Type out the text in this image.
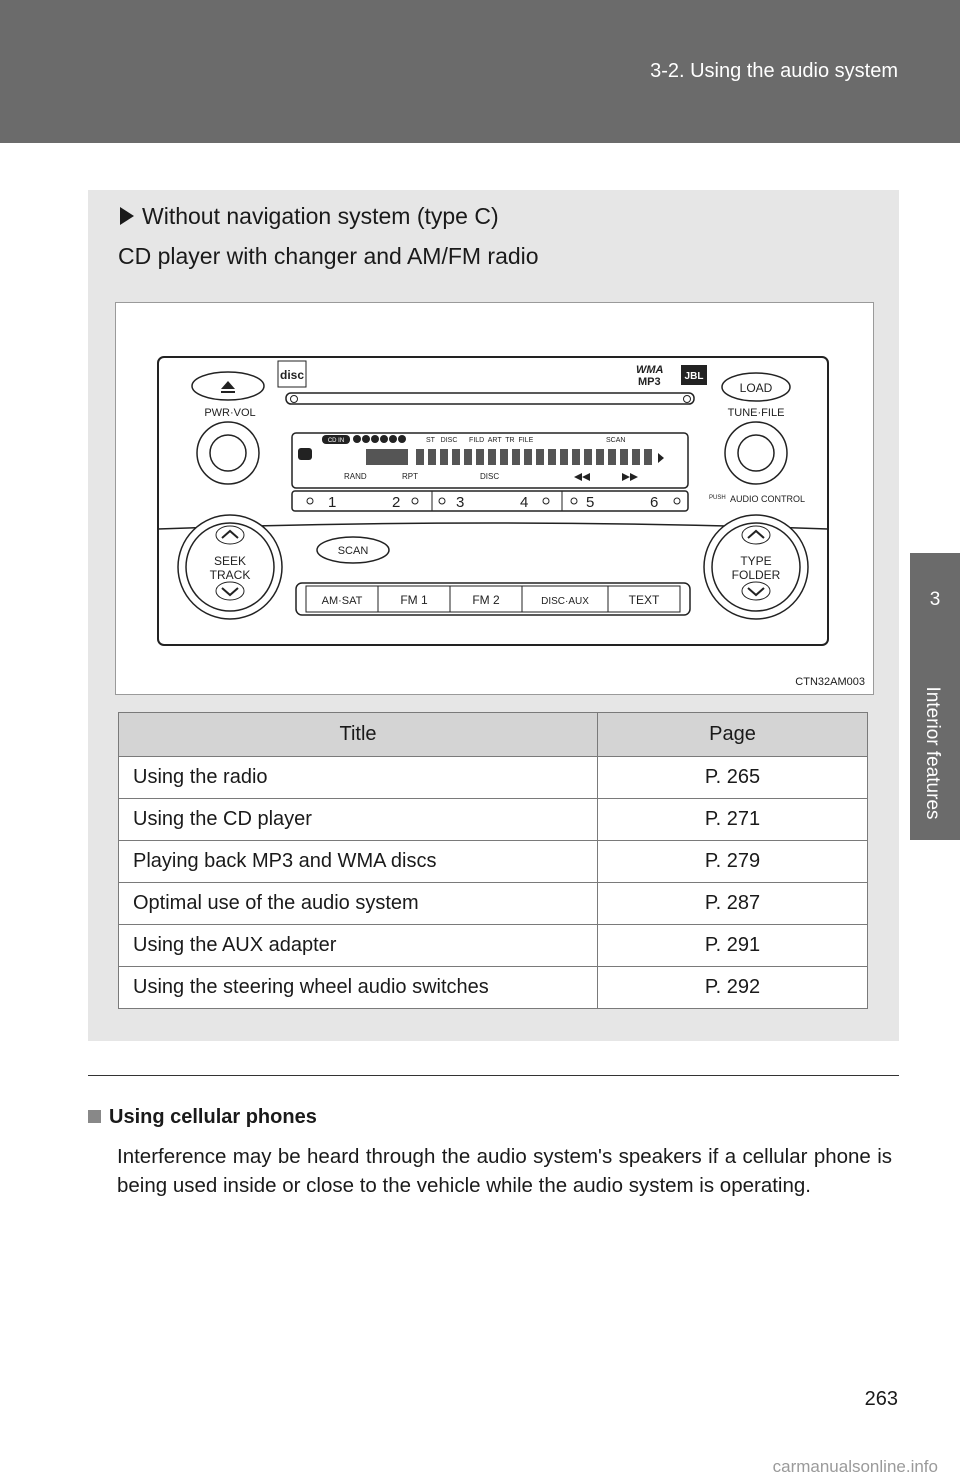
3-2. Using the audio system
3
Interior features
Without navigation system (type C)
CD player with changer and AM/FM radio
disc	WMA
MP3 JBL
PWR·VOL
LOAD
TUNE·FILE
PUSH AUDIO CONTROL
CD IN	ST   DISC      FILD  ART  TR  FILE	SCAN
RAND	RPT	DISC
1	2	3	4	5	6
SEEK
TRACK
SCAN
TYPE
FOLDER
AM·SAT	FM 1	FM 2	DISC·AUX	TEXT
CTN32AM003
Title	Page
Using the radio	P. 265
Using the CD player	P. 271
Playing back MP3 and WMA discs	P. 279
Optimal use of the audio system	P. 287
Using the AUX adapter	P. 291
Using the steering wheel audio switches	P. 292
Using cellular phones
Interference may be heard through the audio system's speakers if a cellular phone is being used inside or close to the vehicle while the audio system is operating.
263
carmanualsonline.info
